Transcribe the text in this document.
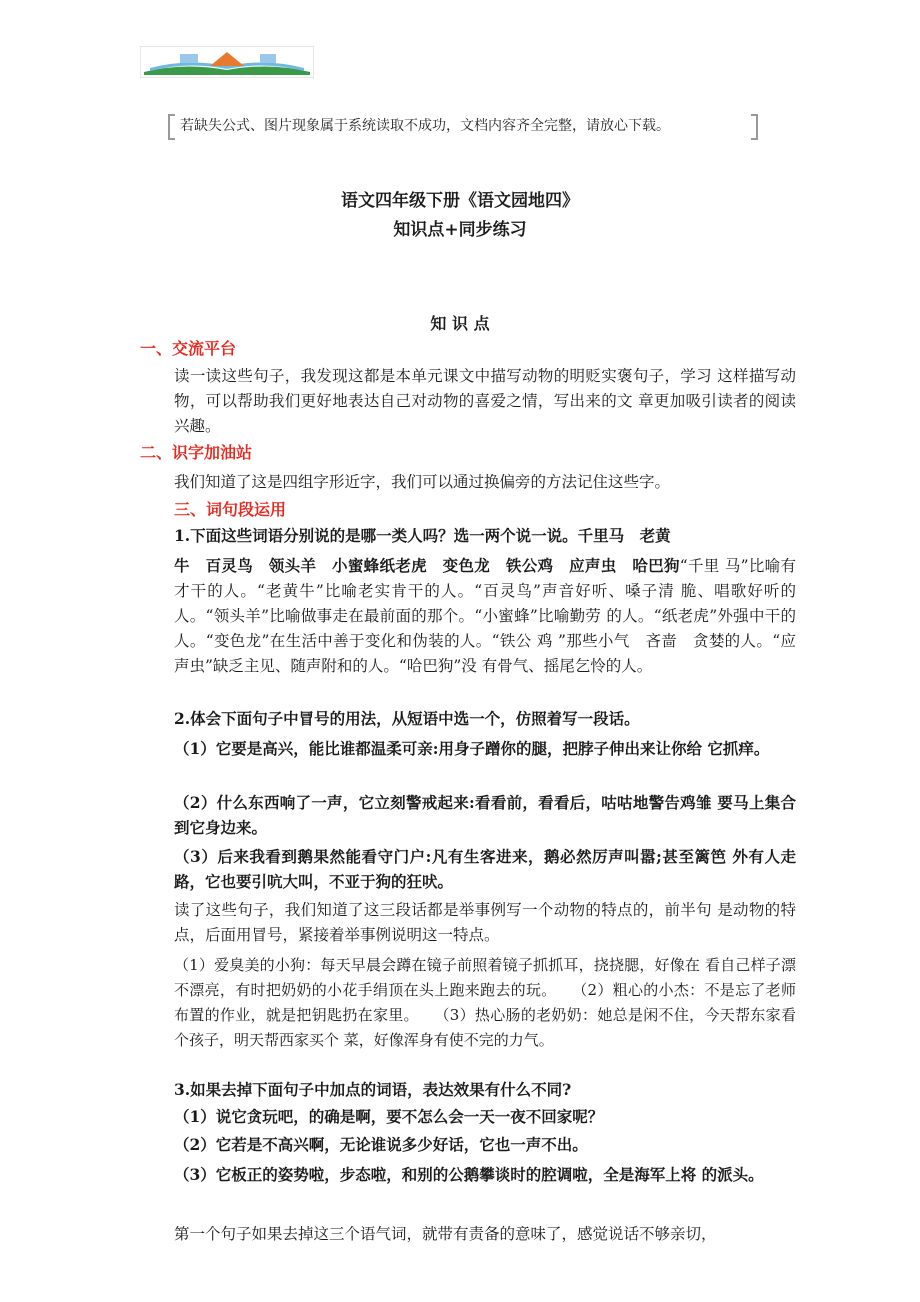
若缺失公式、图片现象属于系统读取不成功，文档内容齐全完整，请放心下载。
语文四年级下册《语文园地四》
知识点+同步练习
知 识 点
一、交流平台
读一读这些句子，我发现这都是本单元课文中描写动物的明贬实褒句子，学习 这样描写动物，可以帮助我们更好地表达自己对动物的喜爱之情，写出来的文 章更加吸引读者的阅读兴趣。
二、识字加油站
我们知道了这是四组字形近字，我们可以通过换偏旁的方法记住这些字。
三、词句段运用
1.下面这些词语分别说的是哪一类人吗？选一两个说一说。千里马　老黄
牛　百灵鸟　领头羊　小蜜蜂纸老虎　变色龙　铁公鸡　应声虫　哈巴狗“千里 马”比喻有才干的人。“老黄牛”比喻老实肯干的人。“百灵鸟”声音好听、嗓子清 脆、唱歌好听的人。“领头羊”比喻做事走在最前面的那个。“小蜜蜂”比喻勤劳 的人。“纸老虎”外强中干的人。“变色龙”在生活中善于变化和伪装的人。“铁公 鸡 ”那些小气　吝啬　贪婪的人。“应声虫”缺乏主见、随声附和的人。“哈巴狗”没 有骨气、摇尾乞怜的人。
2.体会下面句子中冒号的用法，从短语中选一个，仿照着写一段话。
（1）它要是高兴，能比谁都温柔可亲:用身子蹭你的腿，把脖子伸出来让你给 它抓痒。
（2）什么东西响了一声，它立刻警戒起来:看看前，看看后，咕咕地警告鸡雏 要马上集合到它身边来。
（3）后来我看到鹅果然能看守门户:凡有生客进来，鹅必然厉声叫嚣;甚至篱笆 外有人走路，它也要引吭大叫，不亚于狗的狂吠。
读了这些句子，我们知道了这三段话都是举事例写一个动物的特点的，前半句 是动物的特点，后面用冒号，紧接着举事例说明这一特点。
（1）爱臭美的小狗：每天早晨会蹲在镜子前照着镜子抓抓耳，挠挠腮，好像在 看自己样子漂不漂亮，有时把奶奶的小花手绢顶在头上跑来跑去的玩。　　 （2）粗心的小杰：不是忘了老师布置的作业，就是把钥匙扔在家里。　　 （3）热心肠的老奶奶：她总是闲不住，今天帮东家看个孩子，明天帮西家买个 菜，好像浑身有使不完的力气。
3.如果去掉下面句子中加点的词语，表达效果有什么不同?
（1）说它贪玩吧，的确是啊，要不怎么会一天一夜不回家呢？
（2）它若是不高兴啊，无论谁说多少好话，它也一声不出。
（3）它板正的姿势啦，步态啦，和别的公鹅攀谈时的腔调啦，全是海军上将 的派头。
第一个句子如果去掉这三个语气词，就带有责备的意味了，感觉说话不够亲切，
